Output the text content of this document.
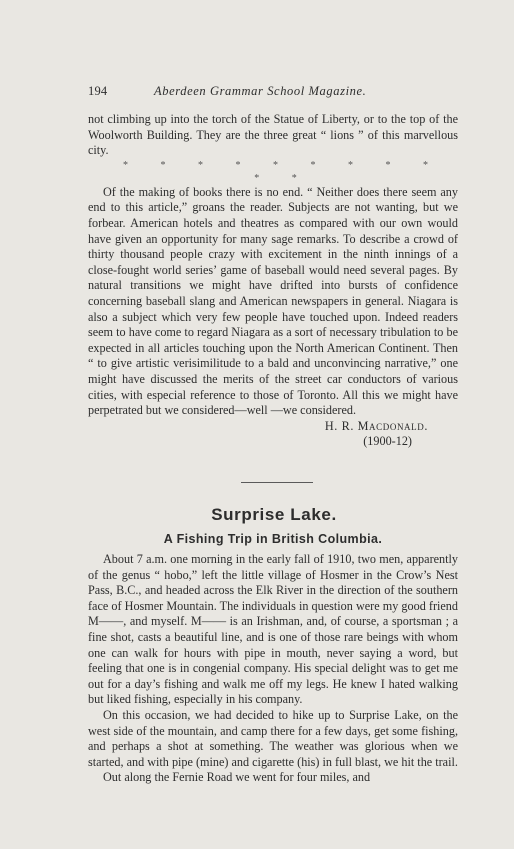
194	Aberdeen Grammar School Magazine.

not climbing up into the torch of the Statue of Liberty, or to the top of the Woolworth Building. They are the three great “ lions ” of this marvellous city.

* * * * * * * * * * *

Of the making of books there is no end. “ Neither does there seem any end to this article,” groans the reader. Subjects are not wanting, but we forbear. American hotels and theatres as compared with our own would have given an opportunity for many sage remarks. To describe a crowd of thirty thousand people crazy with excitement in the ninth innings of a close-fought world series’ game of baseball would need several pages. By natural transitions we might have drifted into bursts of confidence concerning baseball slang and American newspapers in general. Niagara is also a subject which very few people have touched upon. Indeed readers seem to have come to regard Niagara as a sort of necessary tribulation to be expected in all articles touching upon the North American Continent. Then “ to give artistic verisimilitude to a bald and unconvincing narrative,” one might have discussed the merits of the street car conductors of various cities, with especial reference to those of Toronto. All this we might have perpetrated but we considered—well —we considered.

H. R. Macdonald.
(1900-12)
Surprise Lake.
A Fishing Trip in British Columbia.

About 7 a.m. one morning in the early fall of 1910, two men, apparently of the genus “ hobo,” left the little village of Hosmer in the Crow’s Nest Pass, B.C., and headed across the Elk River in the direction of the southern face of Hosmer Mountain. The individuals in question were my good friend M——, and myself. M—— is an Irishman, and, of course, a sportsman ; a fine shot, casts a beautiful line, and is one of those rare beings with whom one can walk for hours with pipe in mouth, never saying a word, but feeling that one is in congenial company. His special delight was to get me out for a day’s fishing and walk me off my legs. He knew I hated walking but liked fishing, especially in his company.

On this occasion, we had decided to hike up to Surprise Lake, on the west side of the mountain, and camp there for a few days, get some fishing, and perhaps a shot at something. The weather was glorious when we started, and with pipe (mine) and cigarette (his) in full blast, we hit the trail.

Out along the Fernie Road we went for four miles, and
